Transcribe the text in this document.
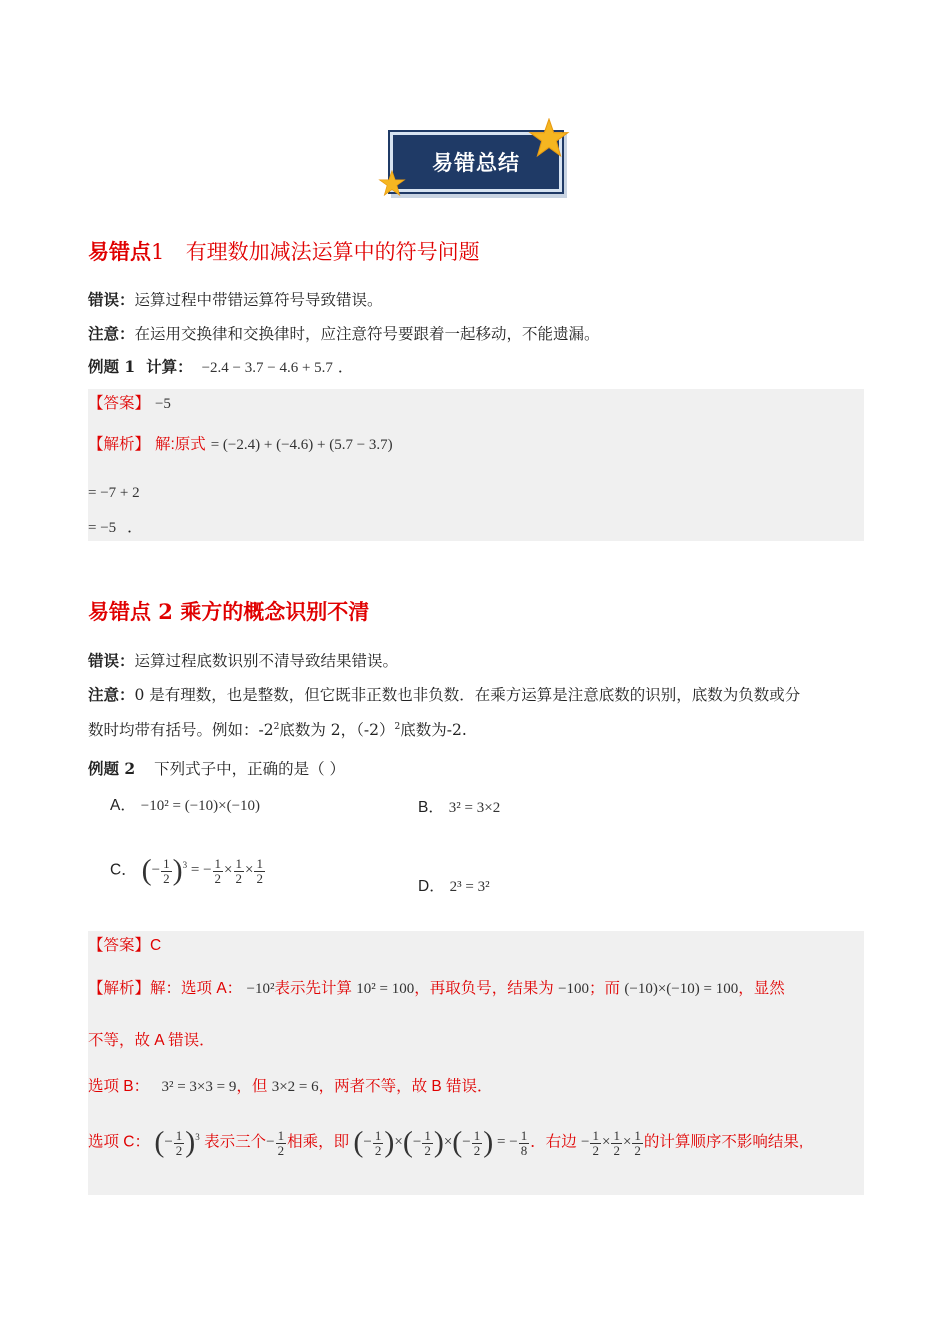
易错总结
易错点1 有理数加减法运算中的符号问题
错误：运算过程中带错运算符号导致错误。
注意：在运用交换律和交换律时，应注意符号要跟着一起移动，不能遗漏。
例题 1 计算： −2.4 − 3.7 − 4.6 + 5.7 ．
【答案】 −5
【解析】 解:原式 = (−2.4) + (−4.6) + (5.7 − 3.7)
= −7 + 2
= −5 ．
易错点 2 乘方的概念识别不清
错误：运算过程底数识别不清导致结果错误。
注意：0 是有理数，也是整数，但它既非正数也非负数．在乘方运算是注意底数的识别，底数为负数或分
数时均带有括号。例如：$-2^2$底数为 2，$(-2)^2$底数为-2.
例题 2 下列式子中，正确的是（ ）
A． −10² = (−10)×(−10)	B． 3² = 3×2
C． (− $\frac{1}{2} )^3$ = − $\frac{1}{2} \times \frac{1}{2} \times \frac{1}{2}$
D． 2³ = 3²
【答案】C
【解析】解：选项 A： −10²表示先计算 10² = 100，再取负号，结果为 −100；而 (−10)×(−10) = 100，显然
不等，故 A 错误．
选项 B： 3² = 3×3 = 9，但 3×2 = 6，两者不等，故 B 错误．
选项 C： (− $\frac{1}{2} )^3$ 表示三个− $\frac{1}{2}$ 相乘，即 (− $\frac{1}{2}$ )×(− $\frac{1}{2}$ )×(− $\frac{1}{2}$ ) = − $\frac{1}{8}$ ．右边 − $\frac{1}{2} \times \frac{1}{2} \times \frac{1}{2}$ 的计算顺序不影响结果,
